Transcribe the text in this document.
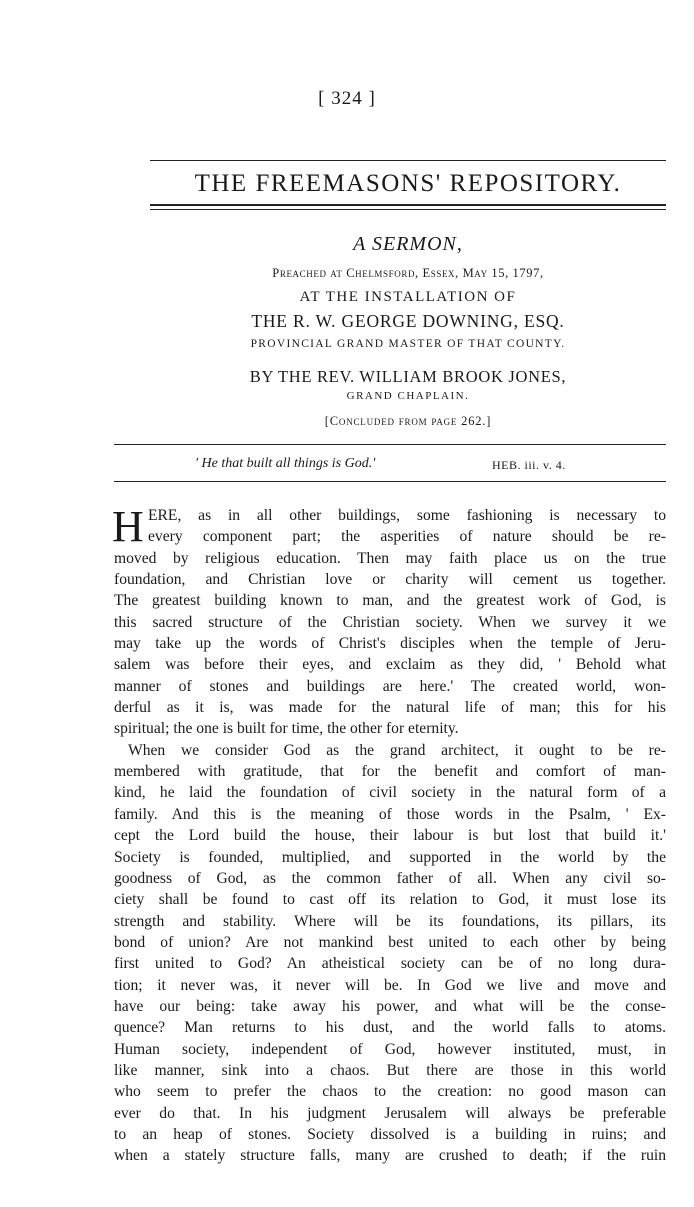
[ 324 ]
THE FREEMASONS' REPOSITORY.
A SERMON,
Preached at Chelmsford, Essex, May 15, 1797,
AT THE INSTALLATION OF
THE R. W. GEORGE DOWNING, ESQ.
PROVINCIAL GRAND MASTER OF THAT COUNTY.
BY THE REV. WILLIAM BROOK JONES,
GRAND CHAPLAIN.
[Concluded from page 262.]
' He that built all things is God.'	HEB. iii. v. 4.
H ERE, as in all other buildings, some fashioning is necessary to
every component part; the asperities of nature should be re-
moved by religious education. Then may faith place us on the true
foundation, and Christian love or charity will cement us together.
The greatest building known to man, and the greatest work of God, is
this sacred structure of the Christian society. When we survey it we
may take up the words of Christ's disciples when the temple of Jeru-
salem was before their eyes, and exclaim as they did, ' Behold what
manner of stones and buildings are here.' The created world, won-
derful as it is, was made for the natural life of man; this for his
spiritual; the one is built for time, the other for eternity.
When we consider God as the grand architect, it ought to be re-
membered with gratitude, that for the benefit and comfort of man-
kind, he laid the foundation of civil society in the natural form of a
family. And this is the meaning of those words in the Psalm, ' Ex-
cept the Lord build the house, their labour is but lost that build it.'
Society is founded, multiplied, and supported in the world by the
goodness of God, as the common father of all. When any civil so-
ciety shall be found to cast off its relation to God, it must lose its
strength and stability. Where will be its foundations, its pillars, its
bond of union? Are not mankind best united to each other by being
first united to God? An atheistical society can be of no long dura-
tion; it never was, it never will be. In God we live and move and
have our being: take away his power, and what will be the conse-
quence? Man returns to his dust, and the world falls to atoms.
Human society, independent of God, however instituted, must, in
like manner, sink into a chaos. But there are those in this world
who seem to prefer the chaos to the creation: no good mason can
ever do that. In his judgment Jerusalem will always be preferable
to an heap of stones. Society dissolved is a building in ruins; and
when a stately structure falls, many are crushed to death; if the ruin
